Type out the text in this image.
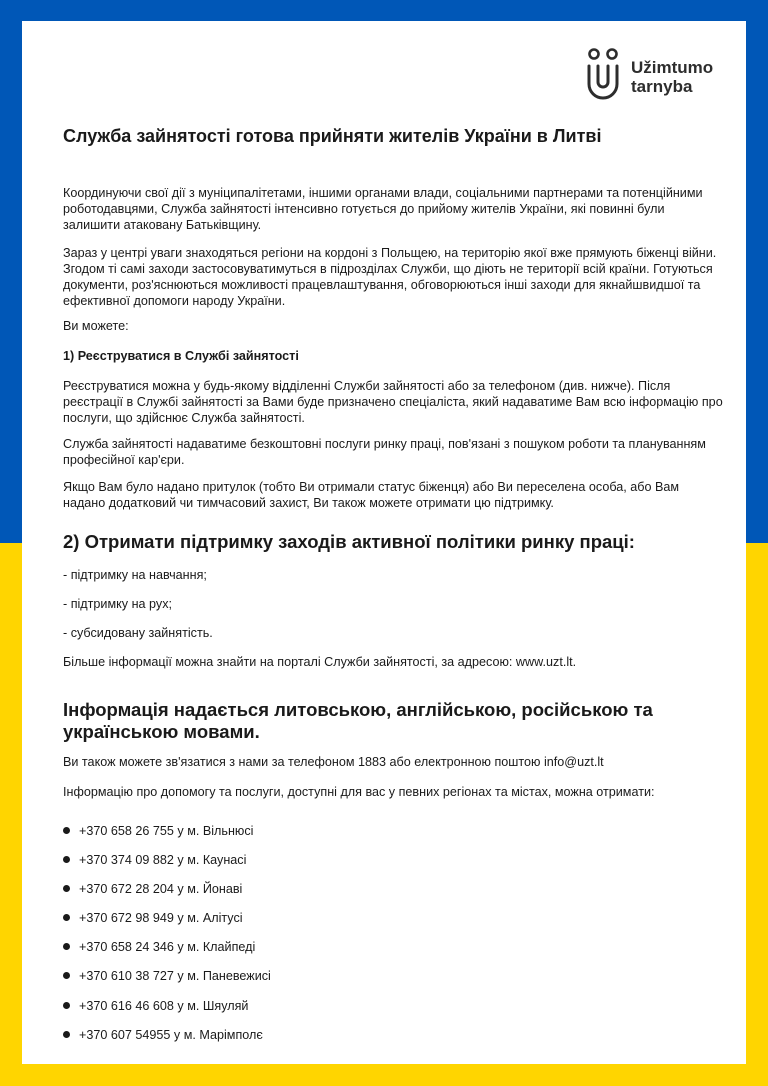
Užimtumo
tarnyba
Служба зайнятості готова прийняти жителів України в Литві

Координуючи свої дії з муніципалітетами, іншими органами влади, соціальними партнерами та потенційними роботодавцями, Служба зайнятості інтенсивно готується до прийому жителів України, які повинні були залишити атаковану Батьківщину.

Зараз у центрі уваги знаходяться регіони на кордоні з Польщею, на територію якої вже прямують біженці війни. Згодом ті самі заходи застосовуватимуться в підрозділах Служби, що діють не території всій країни. Готуються документи, роз'яснюються можливості працевлаштування, обговорюються інші заходи для якнайшвидшої та ефективної допомоги народу України.

Ви можете:

1) Реєструватися в Службі зайнятості

Реєструватися можна у будь-якому відділенні Служби зайнятості або за телефоном (див. нижче). Після реєстрації в Службі зайнятості за Вами буде призначено спеціаліста, який надаватиме Вам всю інформацію про послуги, що здійснює Служба зайнятості.

Служба зайнятості надаватиме безкоштовні послуги ринку праці, пов'язані з пошуком роботи та плануванням професійної кар'єри.

Якщо Вам було надано притулок (тобто Ви отримали статус біженця) або Ви переселена особа, або Вам надано додатковий чи тимчасовий захист, Ви також можете отримати цю підтримку.

2) Отримати підтримку заходів активної політики ринку праці:

- підтримку на навчання;

- підтримку на рух;

- субсидовану зайнятість.

Більше інформації можна знайти на порталі Служби зайнятості, за адресою: www.uzt.lt.

Інформація надається литовською, англійською, російською та українською мовами.

Ви також можете зв'язатися з нами за телефоном 1883 або електронною поштою info@uzt.lt

Інформацію про допомогу та послуги, доступні для вас у певних регіонах та містах, можна отримати:

+370 658 26 755 у м. Вільнюсі
+370 374 09 882 у м. Каунасі
+370 672 28 204 у м. Йонаві
+370 672 98 949 у м. Алітусі
+370 658 24 346 у м. Клайпеді
+370 610 38 727 у м. Паневежисі
+370 616 46 608 у м. Шяуляй
+370 607 54955 у м. Марімполє
